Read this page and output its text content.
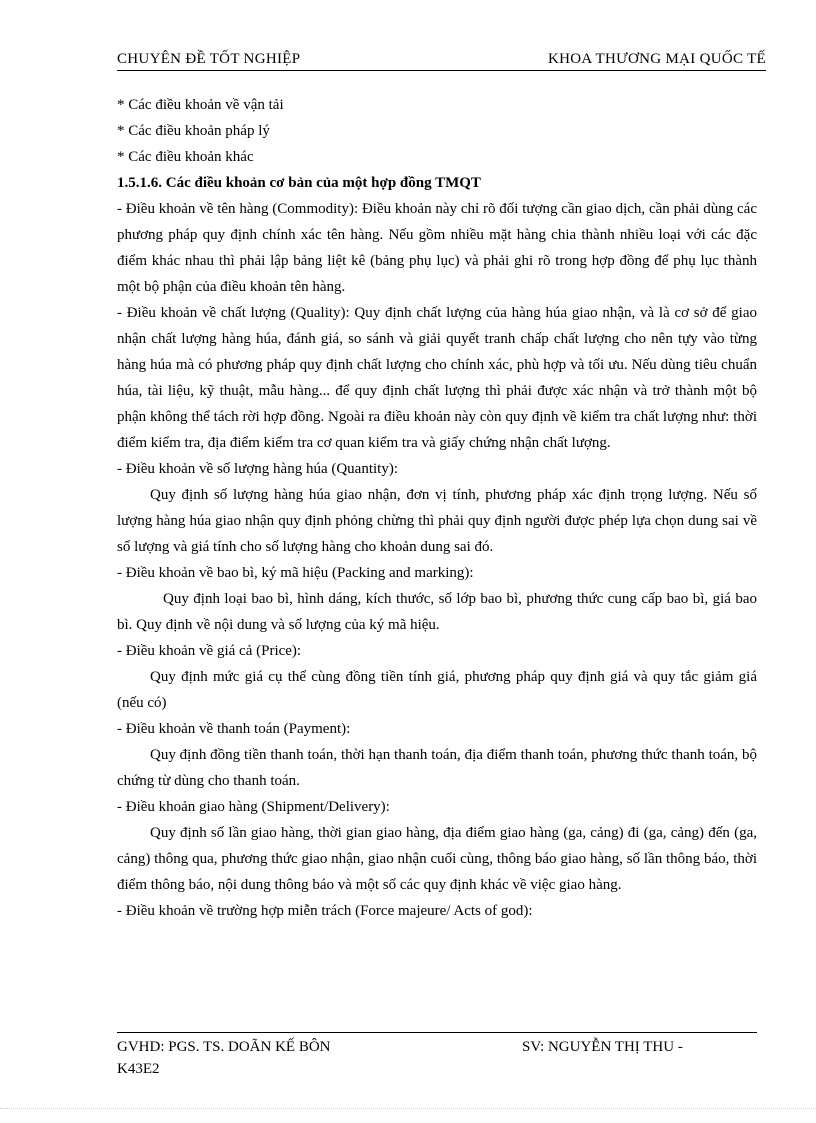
CHUYÊN ĐỀ TỐT NGHIỆP	KHOA THƯƠNG MẠI QUỐC TẾ

* Các điều khoản về vận tải

* Các điều khoản pháp lý

* Các điều khoản khác

1.5.1.6. Các điều khoản cơ bản của một hợp đồng TMQT

- Điều khoản về tên hàng (Commodity): Điều khoản này chỉ rõ đối tượng cần giao dịch, cần phải dùng các phương pháp quy định chính xác tên hàng. Nếu gồm nhiều mặt hàng chia thành nhiều loại với các đặc điểm khác nhau thì phải lập bảng liệt kê (bảng phụ lục) và phải ghi rõ trong hợp đồng để phụ lục thành một bộ phận của điều khoản tên hàng.

- Điều khoản về chất lượng (Quality): Quy định chất lượng của hàng húa giao nhận, và là cơ sở để giao nhận chất lượng hàng húa, đánh giá, so sánh và giải quyết tranh chấp chất lượng cho nên tựy vào từng hàng húa mà có phương pháp quy định chất lượng cho chính xác, phù hợp và tối ưu. Nếu dùng tiêu chuẩn húa, tài liệu, kỹ thuật, mẫu hàng... để quy định chất lượng thì phải được xác nhận và trở thành một bộ phận không thể tách rời hợp đồng. Ngoài ra điều khoản này còn quy định về kiểm tra chất lượng như: thời điểm kiểm tra, địa điểm kiểm tra cơ quan kiểm tra và giấy chứng nhận chất lượng.

- Điều khoản về số lượng hàng húa (Quantity):

Quy định số lượng hàng húa giao nhận, đơn vị tính, phương pháp xác định trọng lượng. Nếu số lượng hàng húa giao nhận quy định phỏng chừng thì phải quy định người được phép lựa chọn dung sai về số lượng và giá tính cho số lượng hàng cho khoản dung sai đó.

- Điều khoản về bao bì, ký mã hiệu (Packing and marking):

Quy định loại bao bì, hình dáng, kích thước, số lớp bao bì, phương thức cung cấp bao bì, giá bao bì. Quy định về nội dung và số lượng của ký mã hiệu.

- Điều khoản về giá cả (Price):

Quy định mức giá cụ thể cùng đồng tiền tính giá, phương pháp quy định giá và quy tắc giảm giá (nếu có)

- Điều khoản về thanh toán (Payment):

Quy định đồng tiền thanh toán, thời hạn thanh toán, địa điểm thanh toán, phương thức thanh toán, bộ chứng từ dùng cho thanh toán.

- Điều khoản giao hàng (Shipment/Delivery):

Quy định số lần giao hàng, thời gian giao hàng, địa điểm giao hàng (ga, cảng) đi (ga, cảng) đến (ga, cảng) thông qua, phương thức giao nhận, giao nhận cuối cùng, thông báo giao hàng, số lần thông báo, thời điểm thông báo, nội dung thông báo và một số các quy định khác về việc giao hàng.

- Điều khoản về trường hợp miễn trách (Force majeure/ Acts of god):

GVHD: PGS. TS. DOÃN KẾ BÔN	SV: NGUYỄN THỊ THU -
K43E2
